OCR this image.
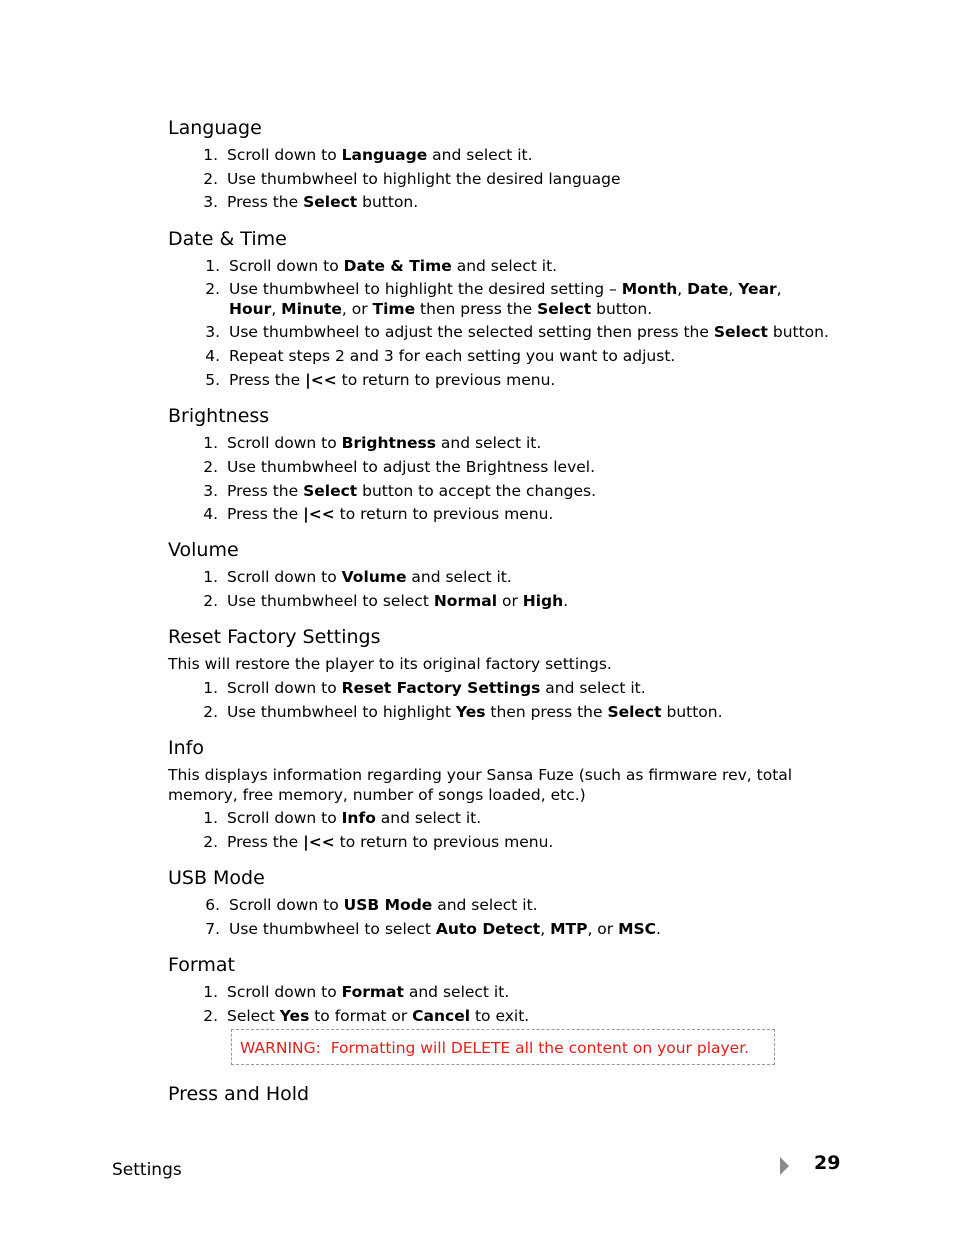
Language
1. Scroll down to Language and select it.
2. Use thumbwheel to highlight the desired language
3. Press the Select button.
Date & Time
1. Scroll down to Date & Time and select it.
2. Use thumbwheel to highlight the desired setting – Month, Date, Year,
Hour, Minute, or Time then press the Select button.
3. Use thumbwheel to adjust the selected setting then press the Select button.
4. Repeat steps 2 and 3 for each setting you want to adjust.
5. Press the |<< to return to previous menu.
Brightness
1. Scroll down to Brightness and select it.
2. Use thumbwheel to adjust the Brightness level.
3. Press the Select button to accept the changes.
4. Press the |<< to return to previous menu.
Volume
1. Scroll down to Volume and select it.
2. Use thumbwheel to select Normal or High.
Reset Factory Settings

This will restore the player to its original factory settings.

1. Scroll down to Reset Factory Settings and select it.
2. Use thumbwheel to highlight Yes then press the Select button.
Info

This displays information regarding your Sansa Fuze (such as firmware rev, total

memory, free memory, number of songs loaded, etc.)

1. Scroll down to Info and select it.
2. Press the |<< to return to previous menu.
USB Mode
6. Scroll down to USB Mode and select it.
7. Use thumbwheel to select Auto Detect, MTP, or MSC.
Format
1. Scroll down to Format and select it.
2. Select Yes to format or Cancel to exit.
WARNING:  Formatting will DELETE all the content on your player.
Press and Hold
Settings	29
